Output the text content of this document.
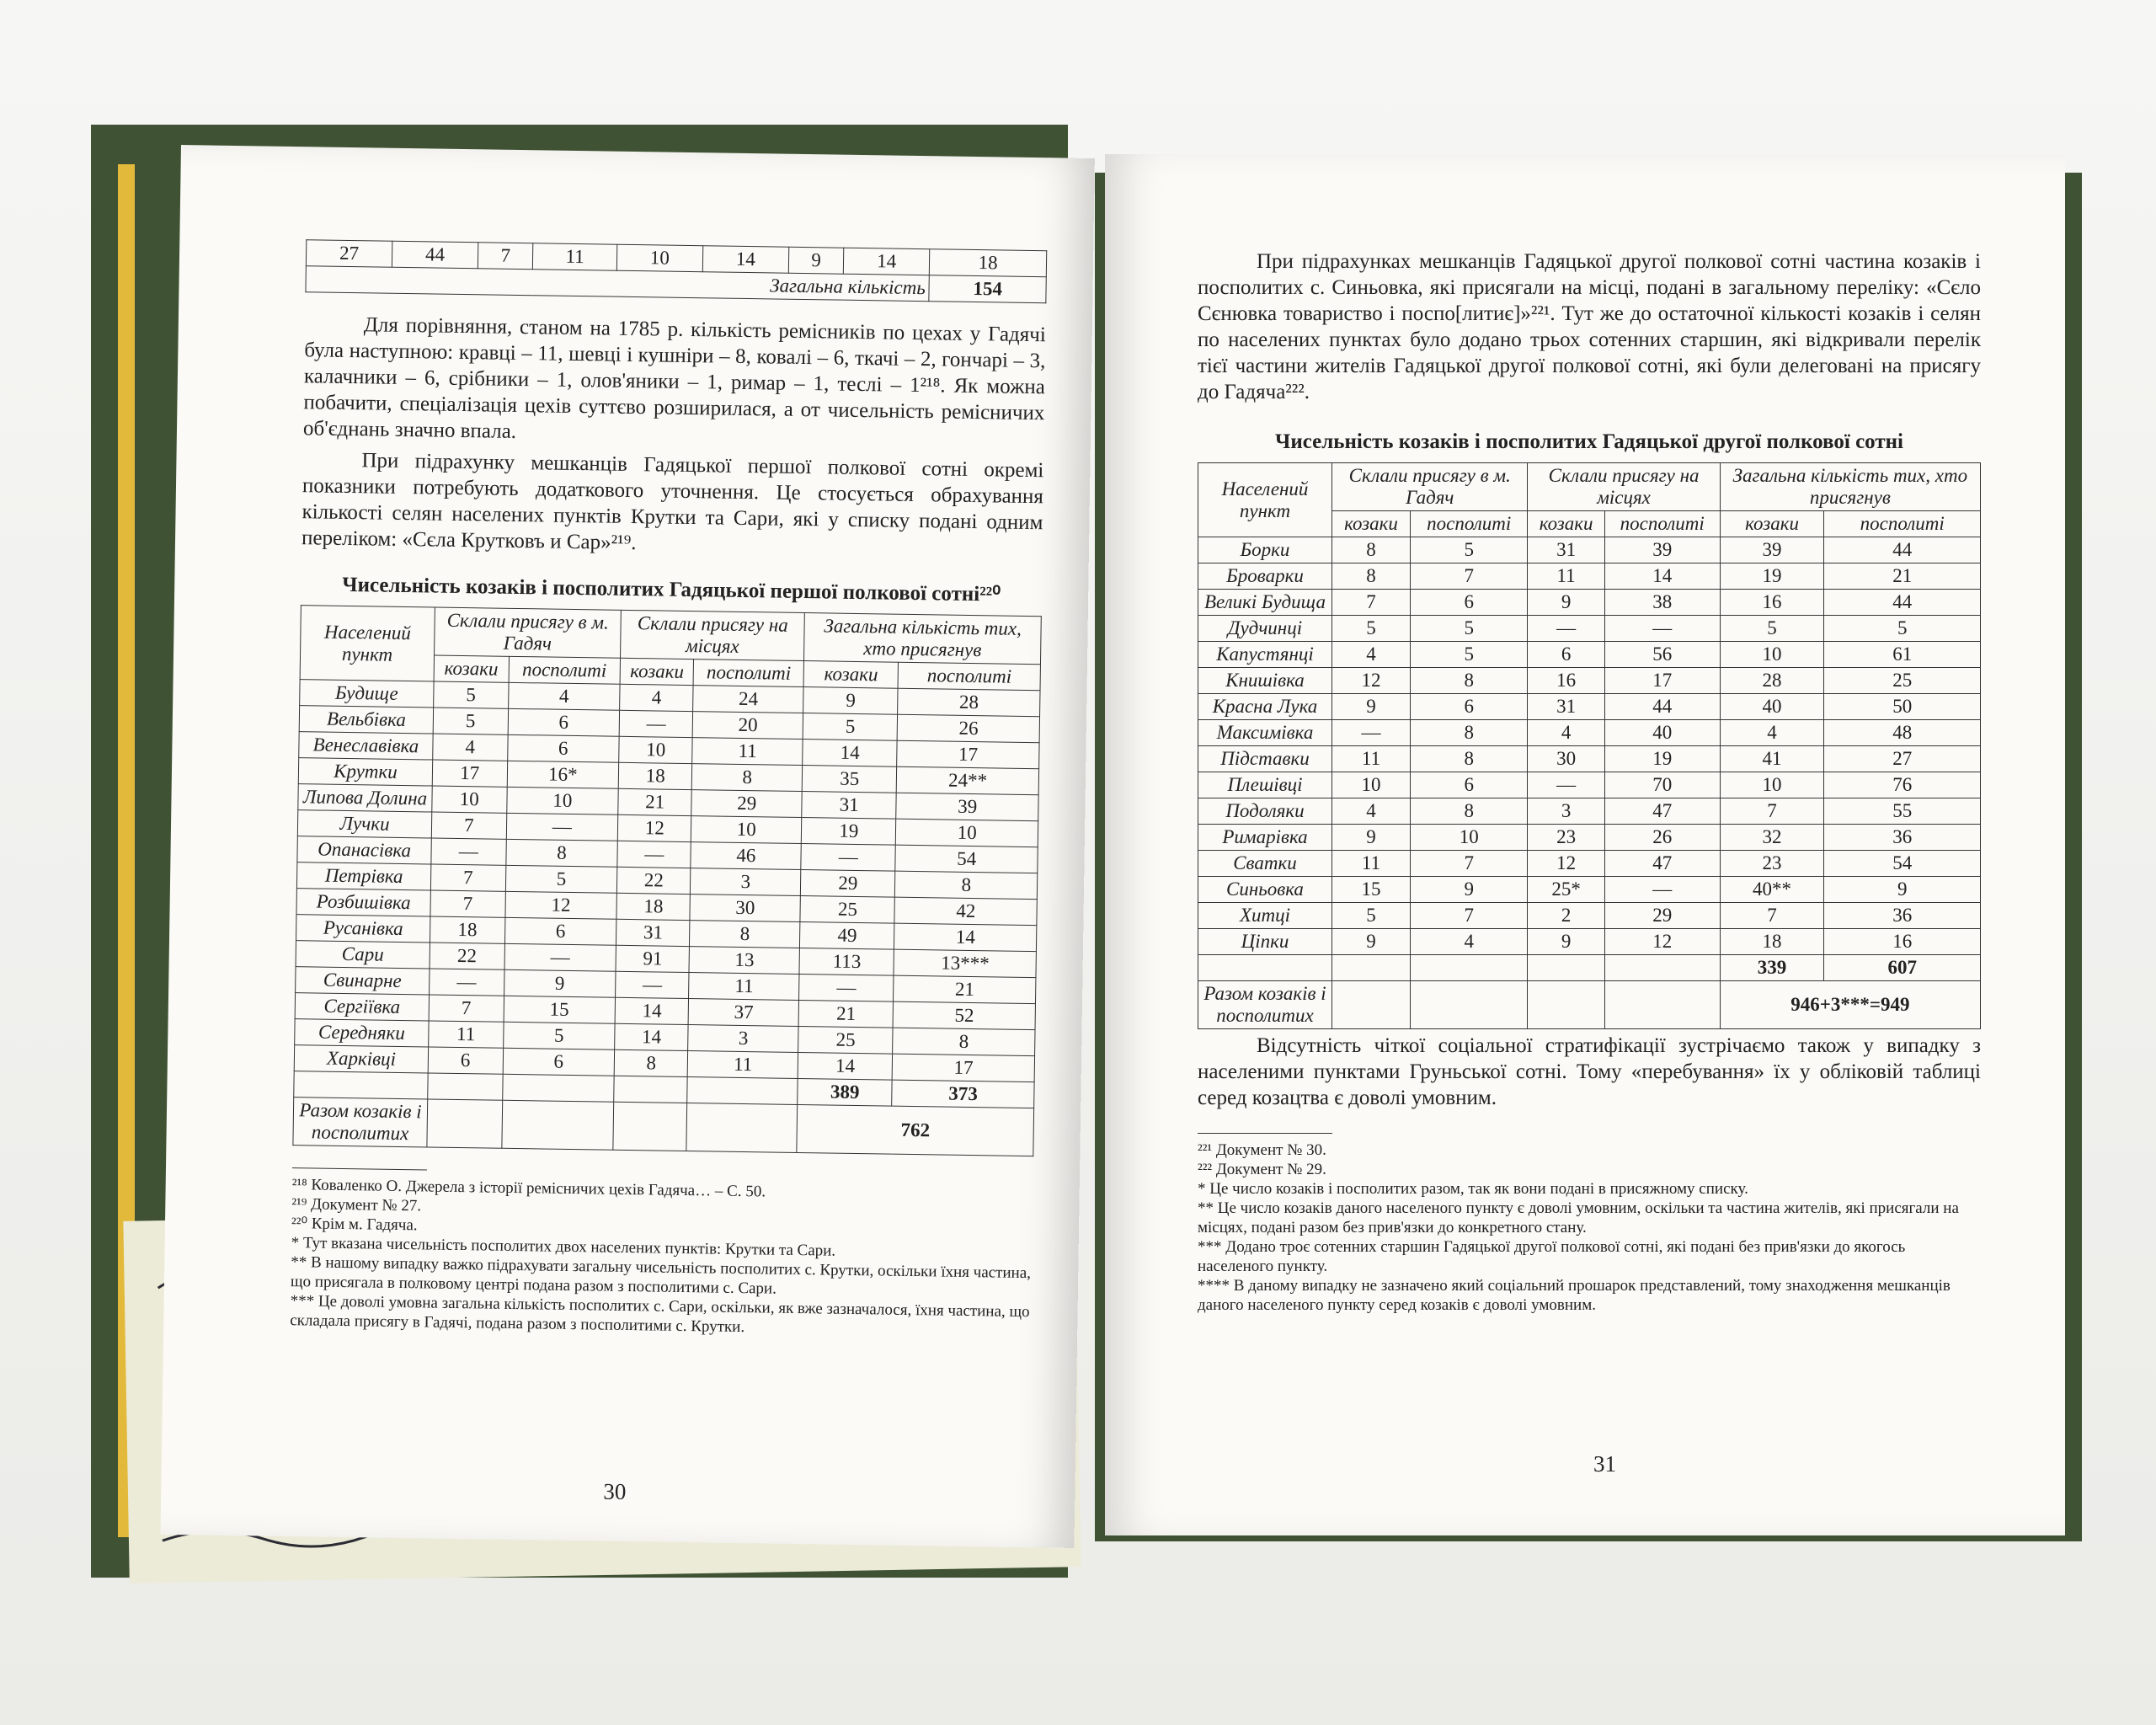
27	44	7	11	10	14	9	14	18
Загальна кількість								154

Для порівняння, станом на 1785 р. кількість ремісників по цехах у Гадячі була наступною: кравці – 11, шевці і кушніри – 8, ковалі – 6, ткачі – 2, гончарі – 3, калачники – 6, срібники – 1, олов'яники – 1, римар – 1, теслі – 1²¹⁸. Як можна побачити, спеціалізація цехів суттєво розширилася, а от чисельність ремісничих об'єднань значно впала.

При підрахунку мешканців Гадяцької першої полкової сотні окремі показники потребують додаткового уточнення. Це стосується обрахування кількості селян населених пунктів Крутки та Сари, які у списку подані одним переліком: «Сєла Крутковъ и Сар»²¹⁹.

Чисельність козаків і посполитих Гадяцької першої полкової сотні²²⁰
Населений пункт	Склали присягу в м. Гадяч		Склали присягу на місцях		Загальна кількість тих, хто присягнув	
	козаки	посполиті	козаки	посполиті	козаки	посполиті
Будище	5	4	4	24	9	28
Вельбівка	5	6	—	20	5	26
Венеславівка	4	6	10	11	14	17
Крутки	17	16*	18	8	35	24**
Липова Долина	10	10	21	29	31	39
Лучки	7	—	12	10	19	10
Опанасівка	—	8	—	46	—	54
Петрівка	7	5	22	3	29	8
Розбишівка	7	12	18	30	25	42
Русанівка	18	6	31	8	49	14
Сари	22	—	91	13	113	13***
Свинарне	—	9	—	11	—	21
Сергіївка	7	15	14	37	21	52
Середняки	11	5	14	3	25	8
Харківці	6	6	8	11	14	17
					389	373
Разом козаків і посполитих					762	

²¹⁸ Коваленко О. Джерела з історії ремісничих цехів Гадяча… – С. 50.

²¹⁹ Документ № 27.

²²⁰ Крім м. Гадяча.

* Тут вказана чисельність посполитих двох населених пунктів: Крутки та Сари.

** В нашому випадку важко підрахувати загальну чисельність посполитих с. Крутки, оскільки їхня частина, що присягала в полковому центрі подана разом з посполитими с. Сари.

*** Це доволі умовна загальна кількість посполитих с. Сари, оскільки, як вже зазначалося, їхня частина, що складала присягу в Гадячі, подана разом з посполитими с. Крутки.

30

При підрахунках мешканців Гадяцької другої полкової сотні частина козаків і посполитих с. Синьовка, які присягали на місці, подані в загальному переліку: «Сєло Сєнювка товариство і поспо[литиє]»²²¹. Тут же до остаточної кількості козаків і селян по населених пунктах було додано трьох сотенних старшин, які відкривали перелік тієї частини жителів Гадяцької другої полкової сотні, які були делеговані на присягу до Гадяча²²².

Чисельність козаків і посполитих Гадяцької другої полкової сотні
Населений пункт	Склали присягу в м. Гадяч		Склали присягу на місцях		Загальна кількість тих, хто присягнув	
	козаки	посполиті	козаки	посполиті	козаки	посполиті
Борки	8	5	31	39	39	44
Броварки	8	7	11	14	19	21
Великі Будища	7	6	9	38	16	44
Дудчинці	5	5	—	—	5	5
Капустянці	4	5	6	56	10	61
Книшівка	12	8	16	17	28	25
Красна Лука	9	6	31	44	40	50
Максимівка	—	8	4	40	4	48
Підставки	11	8	30	19	41	27
Плешівці	10	6	—	70	10	76
Подоляки	4	8	3	47	7	55
Римарівка	9	10	23	26	32	36
Сватки	11	7	12	47	23	54
Синьовка	15	9	25*	—	40**	9
Хитці	5	7	2	29	7	36
Ціпки	9	4	9	12	18	16
					339	607
Разом козаків і посполитих					946+3***=949	

Відсутність чіткої соціальної стратифікації зустрічаємо також у випадку з населеними пунктами Груньської сотні. Тому «перебування» їх у обліковій таблиці серед козацтва є доволі умовним.

²²¹ Документ № 30.

²²² Документ № 29.

* Це число козаків і посполитих разом, так як вони подані в присяжному списку.

** Це число козаків даного населеного пункту є доволі умовним, оскільки та частина жителів, які присягали на місцях, подані разом без прив'язки до конкретного стану.

*** Додано троє сотенних старшин Гадяцької другої полкової сотні, які подані без прив'язки до якогось населеного пункту.

**** В даному випадку не зазначено який соціальний прошарок представлений, тому знаходження мешканців даного населеного пункту серед козаків є доволі умовним.

31
